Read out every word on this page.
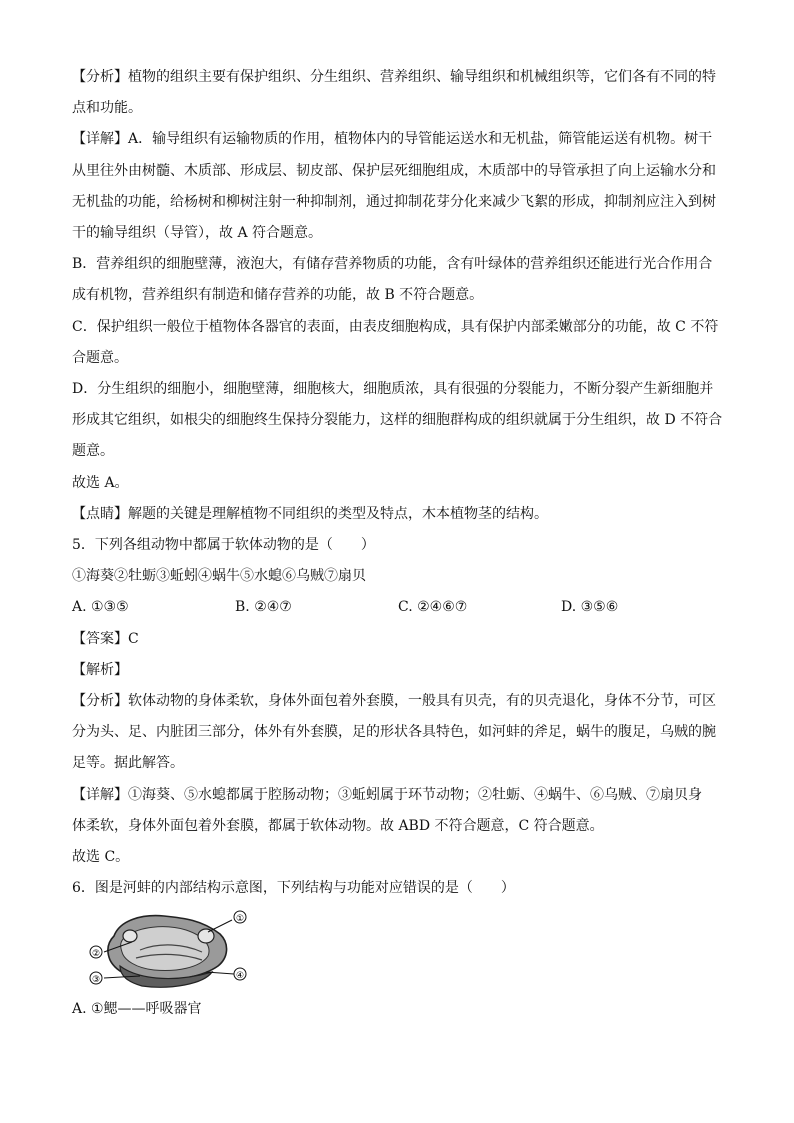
【分析】植物的组织主要有保护组织、分生组织、营养组织、输导组织和机械组织等，它们各有不同的特

点和功能。

【详解】A．输导组织有运输物质的作用，植物体内的导管能运送水和无机盐，筛管能运送有机物。树干

从里往外由树髓、木质部、形成层、韧皮部、保护层死细胞组成，木质部中的导管承担了向上运输水分和

无机盐的功能，给杨树和柳树注射一种抑制剂，通过抑制花芽分化来减少飞絮的形成，抑制剂应注入到树

干的输导组织（导管），故 A 符合题意。

B．营养组织的细胞壁薄，液泡大，有储存营养物质的功能，含有叶绿体的营养组织还能进行光合作用合

成有机物，营养组织有制造和储存营养的功能，故 B 不符合题意。

C．保护组织一般位于植物体各器官的表面，由表皮细胞构成，具有保护内部柔嫩部分的功能，故 C 不符

合题意。

D．分生组织的细胞小，细胞壁薄，细胞核大，细胞质浓，具有很强的分裂能力，不断分裂产生新细胞并

形成其它组织，如根尖的细胞终生保持分裂能力，这样的细胞群构成的组织就属于分生组织，故 D 不符合

题意。

故选 A。

【点睛】解题的关键是理解植物不同组织的类型及特点，木本植物茎的结构。

5．下列各组动物中都属于软体动物的是（　　）

①海葵②牡蛎③蚯蚓④蜗牛⑤水螅⑥乌贼⑦扇贝

A. ①③⑤	B. ②④⑦	C. ②④⑥⑦	D. ③⑤⑥

【答案】C

【解析】

【分析】软体动物的身体柔软，身体外面包着外套膜，一般具有贝壳，有的贝壳退化，身体不分节，可区

分为头、足、内脏团三部分，体外有外套膜，足的形状各具特色，如河蚌的斧足，蜗牛的腹足，乌贼的腕

足等。据此解答。

【详解】①海葵、⑤水螅都属于腔肠动物；③蚯蚓属于环节动物；②牡蛎、④蜗牛、⑥乌贼、⑦扇贝身

体柔软，身体外面包着外套膜，都属于软体动物。故 ABD 不符合题意，C 符合题意。

故选 C。

6．图是河蚌的内部结构示意图，下列结构与功能对应错误的是（　　）

①
②
③	④

A. ①鳃——呼吸器官
